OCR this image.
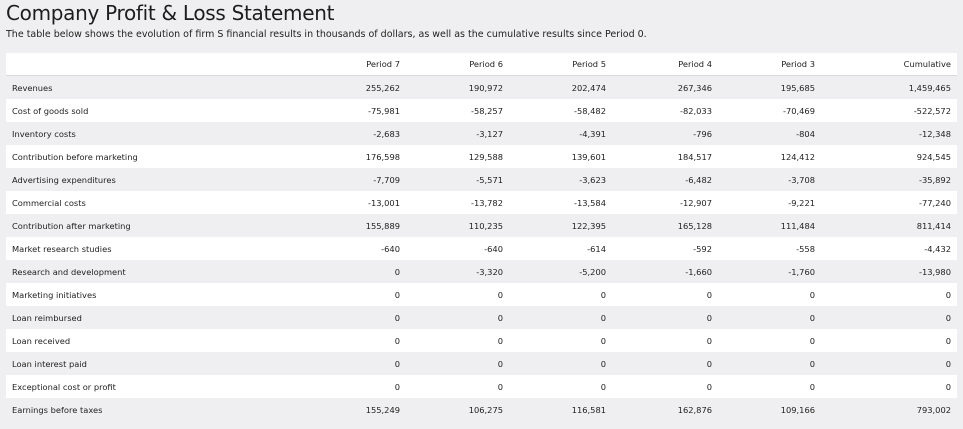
Company Profit & Loss Statement
The table below shows the evolution of firm S financial results in thousands of dollars, as well as the cumulative results since Period 0.
	Period 7	Period 6	Period 5	Period 4	Period 3	Cumulative
Revenues	255,262	190,972	202,474	267,346	195,685	1,459,465
Cost of goods sold	-75,981	-58,257	-58,482	-82,033	-70,469	-522,572
Inventory costs	-2,683	-3,127	-4,391	-796	-804	-12,348
Contribution before marketing	176,598	129,588	139,601	184,517	124,412	924,545
Advertising expenditures	-7,709	-5,571	-3,623	-6,482	-3,708	-35,892
Commercial costs	-13,001	-13,782	-13,584	-12,907	-9,221	-77,240
Contribution after marketing	155,889	110,235	122,395	165,128	111,484	811,414
Market research studies	-640	-640	-614	-592	-558	-4,432
Research and development	0	-3,320	-5,200	-1,660	-1,760	-13,980
Marketing initiatives	0	0	0	0	0	0
Loan reimbursed	0	0	0	0	0	0
Loan received	0	0	0	0	0	0
Loan interest paid	0	0	0	0	0	0
Exceptional cost or profit	0	0	0	0	0	0
Earnings before taxes	155,249	106,275	116,581	162,876	109,166	793,002
